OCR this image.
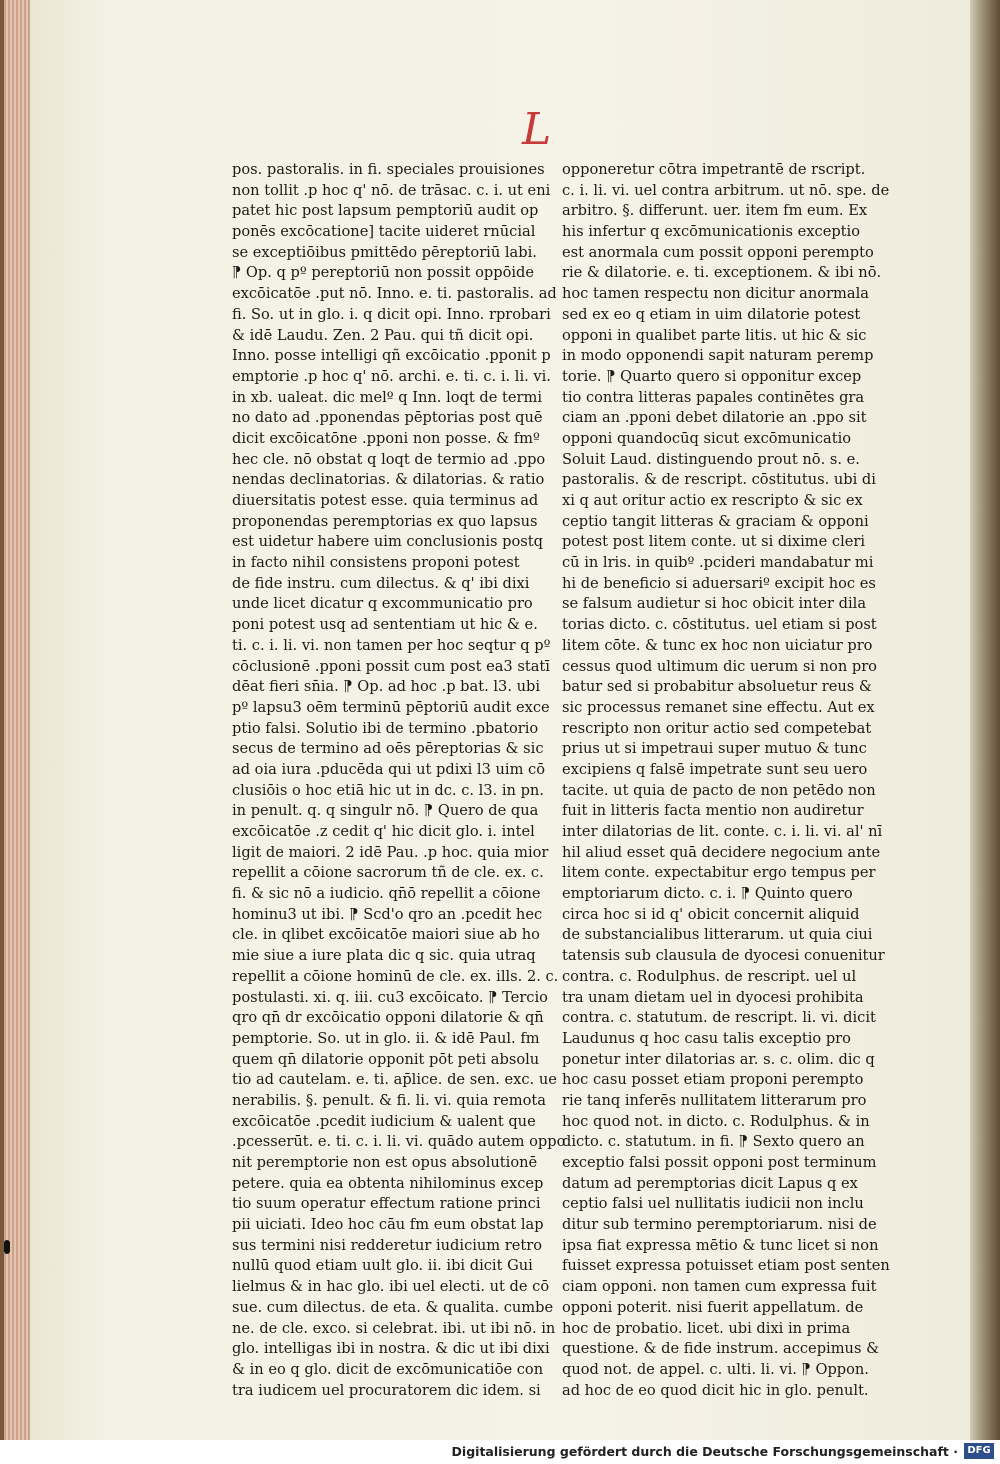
L
pos. pastoralis. in fi. speciales prouisiones
non tollit .p hoc q' nō. de trāsac. c. i. ut eni
patet hic post lapsum pemptoriū audit op
ponēs excōcatione] tacite uideret rnūcial
se exceptiōibus pmittēdo pēreptoriū labi.
⁋ Op. q pº pereptoriū non possit oppōide
excōicatōe .put nō. Inno. e. ti. pastoralis. ad
fi. So. ut in glo. i. q dicit opi. Inno. rprobari
& idē Laudu. Zen. 2 Pau. qui tñ dicit opi.
Inno. posse intelligi qñ excōicatio .pponit p
emptorie .p hoc q' nō. archi. e. ti. c. i. li. vi.
in xb. ualeat. dic melº q Inn. loqt de termi
no dato ad .pponendas pēptorias post quē
dicit excōicatōne .pponi non posse. & fmº
hec cle. nō obstat q loqt de termio ad .ppo
nendas declinatorias. & dilatorias. & ratio
diuersitatis potest esse. quia terminus ad
proponendas peremptorias ex quo lapsus
est uidetur habere uim conclusionis postq
in facto nihil consistens proponi potest
de fide instru. cum dilectus. & q' ibi dixi
unde licet dicatur q excommunicatio pro
poni potest usq ad sententiam ut hic & e.
ti. c. i. li. vi. non tamen per hoc seqtur q pº
cōclusionē .pponi possit cum post ea3 statī
dēat fieri sn̄ia. ⁋ Op. ad hoc .p bat. l3. ubi
pº lapsu3 oēm terminū pēptoriū audit exce
ptio falsi. Solutio ibi de termino .pbatorio
secus de termino ad oēs pēreptorias & sic
ad oia iura .pducēda qui ut pdixi l3 uim cō
clusiōis o hoc etiā hic ut in dc. c. l3. in pn.
in penult. q. q singulr nō. ⁋ Quero de qua
excōicatōe .z cedit q' hic dicit glo. i. intel
ligit de maiori. 2 idē Pau. .p hoc. quia mior
repellit a cōione sacrorum tñ de cle. ex. c.
fi. & sic nō a iudicio. qn̄ō repellit a cōione
hominu3 ut ibi. ⁋ Scd'o qro an .pcedit hec
cle. in qlibet excōicatōe maiori siue ab ho
mie siue a iure plata dic q sic. quia utraq
repellit a cōione hominū de cle. ex. ills. 2. c.
postulasti. xi. q. iii. cu3 excōicato. ⁋ Tercio
qro qn̄ dr excōicatio opponi dilatorie & qn̄
pemptorie. So. ut in glo. ii. & idē Paul. fm
quem qn̄ dilatorie opponit pōt peti absolu
tio ad cautelam. e. ti. ap̄lice. de sen. exc. ue
nerabilis. §. penult. & fi. li. vi. quia remota
excōicatōe .pcedit iudicium & ualent que
.pcesserūt. e. ti. c. i. li. vi. quādo autem oppo
nit peremptorie non est opus absolutionē
petere. quia ea obtenta nihilominus excep
tio suum operatur effectum ratione princi
pii uiciati. Ideo hoc cāu fm eum obstat lap
sus termini nisi redderetur iudicium retro
nullū quod etiam uult glo. ii. ibi dicit Gui
lielmus & in hac glo. ibi uel electi. ut de cō
sue. cum dilectus. de eta. & qualita. cumbe
ne. de cle. exco. si celebrat. ibi. ut ibi nō. in
glo. intelligas ibi in nostra. & dic ut ibi dixi
& in eo q glo. dicit de excōmunicatiōe con
tra iudicem uel procuratorem dic idem. si
opponeretur cōtra impetrantē de rscript.
c. i. li. vi. uel contra arbitrum. ut nō. spe. de
arbitro. §. differunt. uer. item fm eum. Ex
his infertur q excōmunicationis exceptio
est anormala cum possit opponi perempto
rie & dilatorie. e. ti. exceptionem. & ibi nō.
hoc tamen respectu non dicitur anormala
sed ex eo q etiam in uim dilatorie potest
opponi in qualibet parte litis. ut hic & sic
in modo opponendi sapit naturam peremp
torie. ⁋ Quarto quero si opponitur excep
tio contra litteras papales continētes gra
ciam an .pponi debet dilatorie an .ppo sit
opponi quandocūq sicut excōmunicatio
Soluit Laud. distinguendo prout nō. s. e.
pastoralis. & de rescript. cōstitutus. ubi di
xi q aut oritur actio ex rescripto & sic ex
ceptio tangit litteras & graciam & opponi
potest post litem conte. ut si dixime cleri
cū in lris. in quibº .pcideri mandabatur mi
hi de beneficio si aduersariº excipit hoc es
se falsum audietur si hoc obicit inter dila
torias dicto. c. cōstitutus. uel etiam si post
litem cōte. & tunc ex hoc non uiciatur pro
cessus quod ultimum dic uerum si non pro
batur sed si probabitur absoluetur reus &
sic processus remanet sine effectu. Aut ex
rescripto non oritur actio sed competebat
prius ut si impetraui super mutuo & tunc
excipiens q falsē impetrate sunt seu uero
tacite. ut quia de pacto de non petēdo non
fuit in litteris facta mentio non audiretur
inter dilatorias de lit. conte. c. i. li. vi. al' nī
hil aliud esset quā decidere negocium ante
litem conte. expectabitur ergo tempus per
emptoriarum dicto. c. i. ⁋ Quinto quero
circa hoc si id q' obicit concernit aliquid
de substancialibus litterarum. ut quia ciui
tatensis sub clausula de dyocesi conuenitur
contra. c. Rodulphus. de rescript. uel ul
tra unam dietam uel in dyocesi prohibita
contra. c. statutum. de rescript. li. vi. dicit
Laudunus q hoc casu talis exceptio pro
ponetur inter dilatorias ar. s. c. olim. dic q
hoc casu posset etiam proponi perempto
rie tanq inferēs nullitatem litterarum pro
hoc quod not. in dicto. c. Rodulphus. & in
dicto. c. statutum. in fi. ⁋ Sexto quero an
exceptio falsi possit opponi post terminum
datum ad peremptorias dicit Lapus q ex
ceptio falsi uel nullitatis iudicii non inclu
ditur sub termino peremptoriarum. nisi de
ipsa fiat expressa mētio & tunc licet si non
fuisset expressa potuisset etiam post senten
ciam opponi. non tamen cum expressa fuit
opponi poterit. nisi fuerit appellatum. de
hoc de probatio. licet. ubi dixi in prima
questione. & de fide instrum. accepimus &
quod not. de appel. c. ulti. li. vi. ⁋ Oppon.
ad hoc de eo quod dicit hic in glo. penult.
Digitalisierung gefördert durch die Deutsche Forschungsgemeinschaft · DFG
